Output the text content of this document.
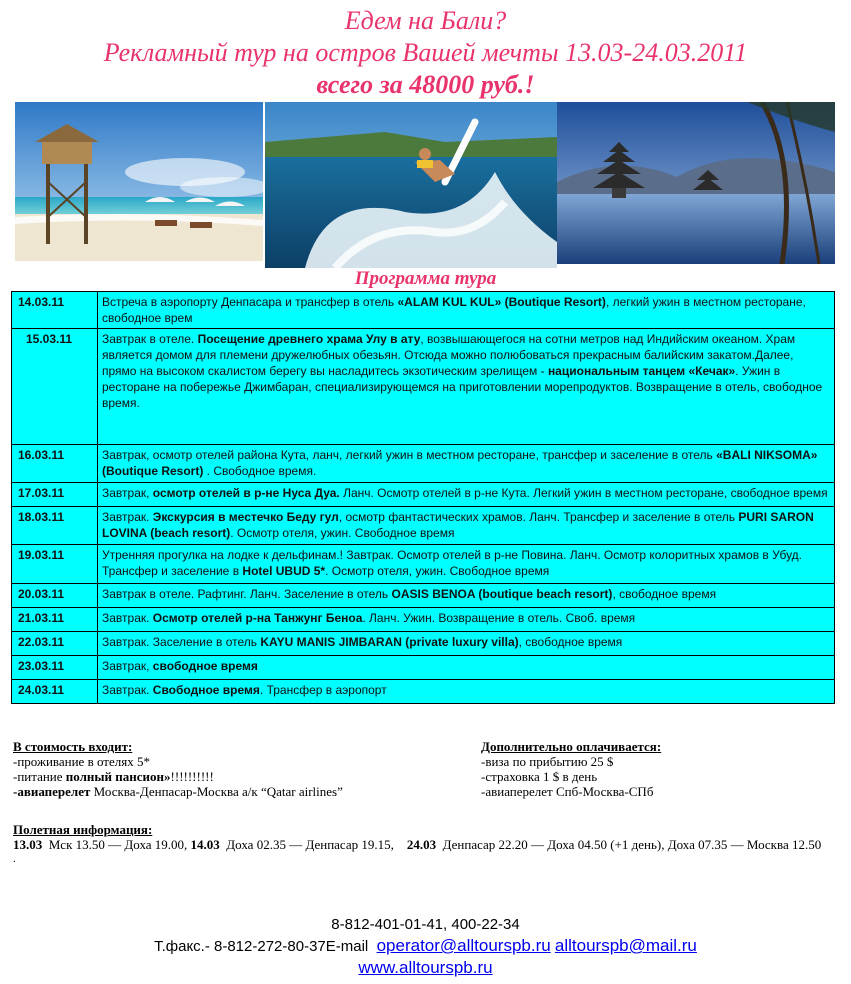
Едем на Бали?
Рекламный тур на остров Вашей мечты 13.03-24.03.2011
всего за 48000 руб.!
Программа тура
14.03.11	Встреча в аэропорту Денпасара и трансфер в отель «ALAM KUL KUL» (Boutique Resort), легкий ужин в местном ресторане, свободное врем
15.03.11	Завтрак в отеле. Посещение древнего храма Улу в ату, возвышающегося на сотни метров над Индийским океаном. Храм является домом для племени дружелюбных обезьян. Отсюда можно полюбоваться прекрасным балийским закатом.Далее, прямо на высоком скалистом берегу вы насладитесь экзотическим зрелищем - национальным танцем «Кечак». Ужин в ресторане на побережье Джимбаран, специализирующемся на приготовлении морепродуктов. Возвращение в отель, свободное время.
16.03.11	Завтрак, осмотр отелей района Кута, ланч, легкий ужин в местном ресторане, трансфер и заселение в отель «BALI NIKSOMA» (Boutique Resort) . Свободное время.
17.03.11	Завтрак, осмотр отелей в р-не Нуса Дуа. Ланч. Осмотр отелей в р-не Кута. Легкий ужин в местном ресторане, свободное время
18.03.11	Завтрак. Экскурсия в местечко Беду гул, осмотр фантастических храмов. Ланч. Трансфер и заселение в отель PURI SARON LOVINA (beach resort). Осмотр отеля, ужин. Свободное время
19.03.11	Утренняя прогулка на лодке к дельфинам.! Завтрак. Осмотр отелей в р-не Повина. Ланч. Осмотр колоритных храмов в Убуд. Трансфер и заселение в Hotel UBUD 5*. Осмотр отеля, ужин. Свободное время
20.03.11	Завтрак в отеле. Рафтинг. Ланч. Заселение в отель OASIS BENOA (boutique beach resort), свободное время
21.03.11	Завтрак. Осмотр отелей р-на Танжунг Беноа. Ланч. Ужин. Возвращение в отель. Своб. время
22.03.11	Завтрак. Заселение в отель KAYU MANIS JIMBARAN (private luxury villa), свободное время
23.03.11	Завтрак, свободное время
24.03.11	Завтрак. Свободное время. Трансфер в аэропорт
В стоимость входит:
-проживание в отелях 5*
-питание полный пансион»!!!!!!!!!!
-авиаперелет Москва-Денпасар-Москва а/к “Qatar airlines”
Дополнительно оплачивается:
-виза по прибытию 25 $
-страховка 1 $ в день
-авиаперелет Спб-Москва-СПб
Полетная информация:
13.03  Мск 13.50 — Доха 19.00, 14.03  Доха 02.35 — Денпасар 19.15,    24.03  Денпасар 22.20 — Доха 04.50 (+1 день), Доха 07.35 — Москва 12.50
.
8-812-401-01-41, 400-22-34
Т.факс.- 8-812-272-80-37E-mail  operator@alltourspb.ru alltourspb@mail.ru
www.alltourspb.ru
